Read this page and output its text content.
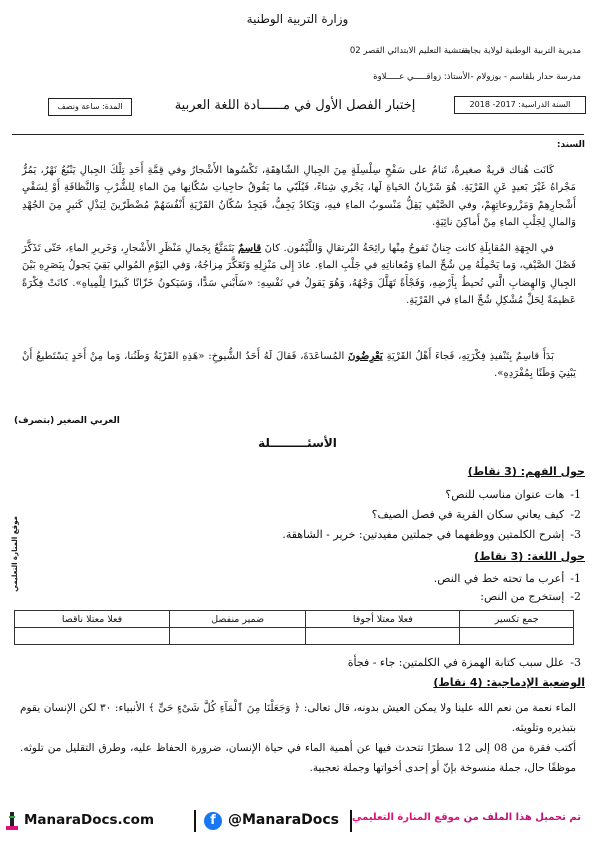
وزارة التربية الوطنية
مديرية التربية الوطنية لولاية بجاية.
مفتشية التعليم الابتدائي القصر 02
مدرسة حدار بلقاسم - بوزولام -
الأستاذ: زواقـــــي عـــــلاوة
السنة الدراسية: 2017- 2018
المدة: ساعة ونصف	إختبار الفصل الأول في مــــــادة اللغة العربية
السند:

كَانَت هُناك قريةٌ صغيرةٌ، تَنامُ على سَفْحِ سِلْسِلَةٍ مِنَ الجِبالِ الشّاهِقَةِ، تَكْسُوها الأَشْجارُ وفي قِمَّةِ أَحَدِ تِلْكَ الجِبالِ يَنْبُعُ نَهْرٌ، يَمُرُّ مَجْراهُ غَيْرَ بَعيدٍ عَنِ القَرْيَةِ. هُوَ شَرْيانُ الحَياةِ لَها، يَجْري شِتاءً، فَيُلَبّي ما يَفُوقُ حاجِياتِ سُكّانِها مِنَ الماءِ لِلشُّرْبِ وَالنَّظافَةِ أَوْ لِسَقْيِ أَشْجارِهِمْ وَمَزْروعاتِهِمْ، وفي الصَّيْفِ يَقِلُّ مَنْسوبُ الماءِ فيهِ، وَيَكادُ يَجِفُّ، فَيَجِدُ سُكّانُ القَرْيَةِ أَنْفُسَهُمْ مُضْطَرّينَ لِبَذْلِ كَثيرٍ مِنَ الجُهْدِ وَالمالِ لِجَلْبِ الماءِ مِنْ أَماكِنَ نائِيَةٍ.

في الجِهَةِ المُقابِلَةِ كانت جِنانٌ تَفوحُ مِنْها رائِحَةُ البُرتقالِ وَاللَّيْمُون. كانَ قاسِمٌ يَتَمَتَّعُ بِجَمالِ مَنْظَرِ الأَشْجارِ، وَخَريرِ الماءِ، حَتّى تَذَكَّرَ فَصْلَ الصَّيْفِ، وَما يَحْمِلُهُ مِن شُحِّ الماءِ وَمُعاناتِهِ في جَلْبِ الماءِ. عادَ إِلى مَنْزِلِهِ وَتَعَكَّرَ مِزاجُهُ، وَفي اليَوْمِ المُوالي بَقِيَ يَجولُ بِبَصَرِهِ بَيْنَ الجِبالِ وَالهِضابِ الَّتي تُحيطُ بِأَرْضِهِ، وَفَجْأَةً تَهَلَّلَ وَجْهُهُ، وَهُوَ يَقولُ في نَفْسِهِ: «سَأَبْني سَدًّا، وَسَيَكونُ خَزّانًا كَبيرًا لِلْمِياهِ». كانَتْ فِكْرَةً عَظيمَةً لِحَلِّ مُشْكِلِ شُحِّ الماءِ في القَرْيَةِ.

بَدَأَ قاسِمٌ بِتَنْفيذِ فِكْرَتِهِ، فَجاءَ أَهْلُ القَرْيَةِ يَعْرِضُونَ المُساعَدَةَ، فَقالَ لَهُ أَحَدُ الشُّيوخِ: «هَذِهِ القَرْيَةُ وَطَنُنا، وَما مِنْ أَحَدٍ يَسْتَطيعُ أَنْ يَبْنِيَ وَطَنًا بِمُفْرَدِهِ».

العربي الصغير (بتصرف)
الأسئـــــــــلة
موقع المنارة التعليمي
حول الفهم: (3 نقاط)
1-هات عنوان مناسب للنص؟
2-كيف يعاني سكان القرية في فصل الصيف؟
3-إشرح الكلمتين ووظفهما في جملتين مفيدتين: خرير - الشاهقة.
حول اللغة: (3 نقاط)
1-أعرب ما تحته خط في النص.
2-إستخرج من النص:
جمع تكسير	فعلا معتلا أجوفا	ضمير منفصل	فعلا معتلا ناقصا

3-علل سبب كتابة الهمزة في الكلمتين: جاء - فجأة
الوضعية الإدماجية: (4 نقاط)

الماء نعمة من نعم الله علينا ولا يمكن العيش بدونه، قال تعالى: ﴿ وَجَعَلْنَا مِنَ ٱلْمَآءِ كُلَّ شَىْءٍ حَىٍّ ﴾ الأنبياء: ٣٠ لكن الإنسان يقوم بتبذيره وتلويثه.

أكتب فقرة من 08 إلى 12 سطرًا تتحدث فيها عن أهمية الماء في حياة الإنسان، ضرورة الحفاظ عليه، وطرق التقليل من تلوثه. موظفًا حال، جملة منسوخة بإنّ أو إحدى أخواتها وجملة تعجبية.

ManaraDocs.com	f @ManaraDocs	تم تحميل هذا الملف من موقع المنارة التعليمي
